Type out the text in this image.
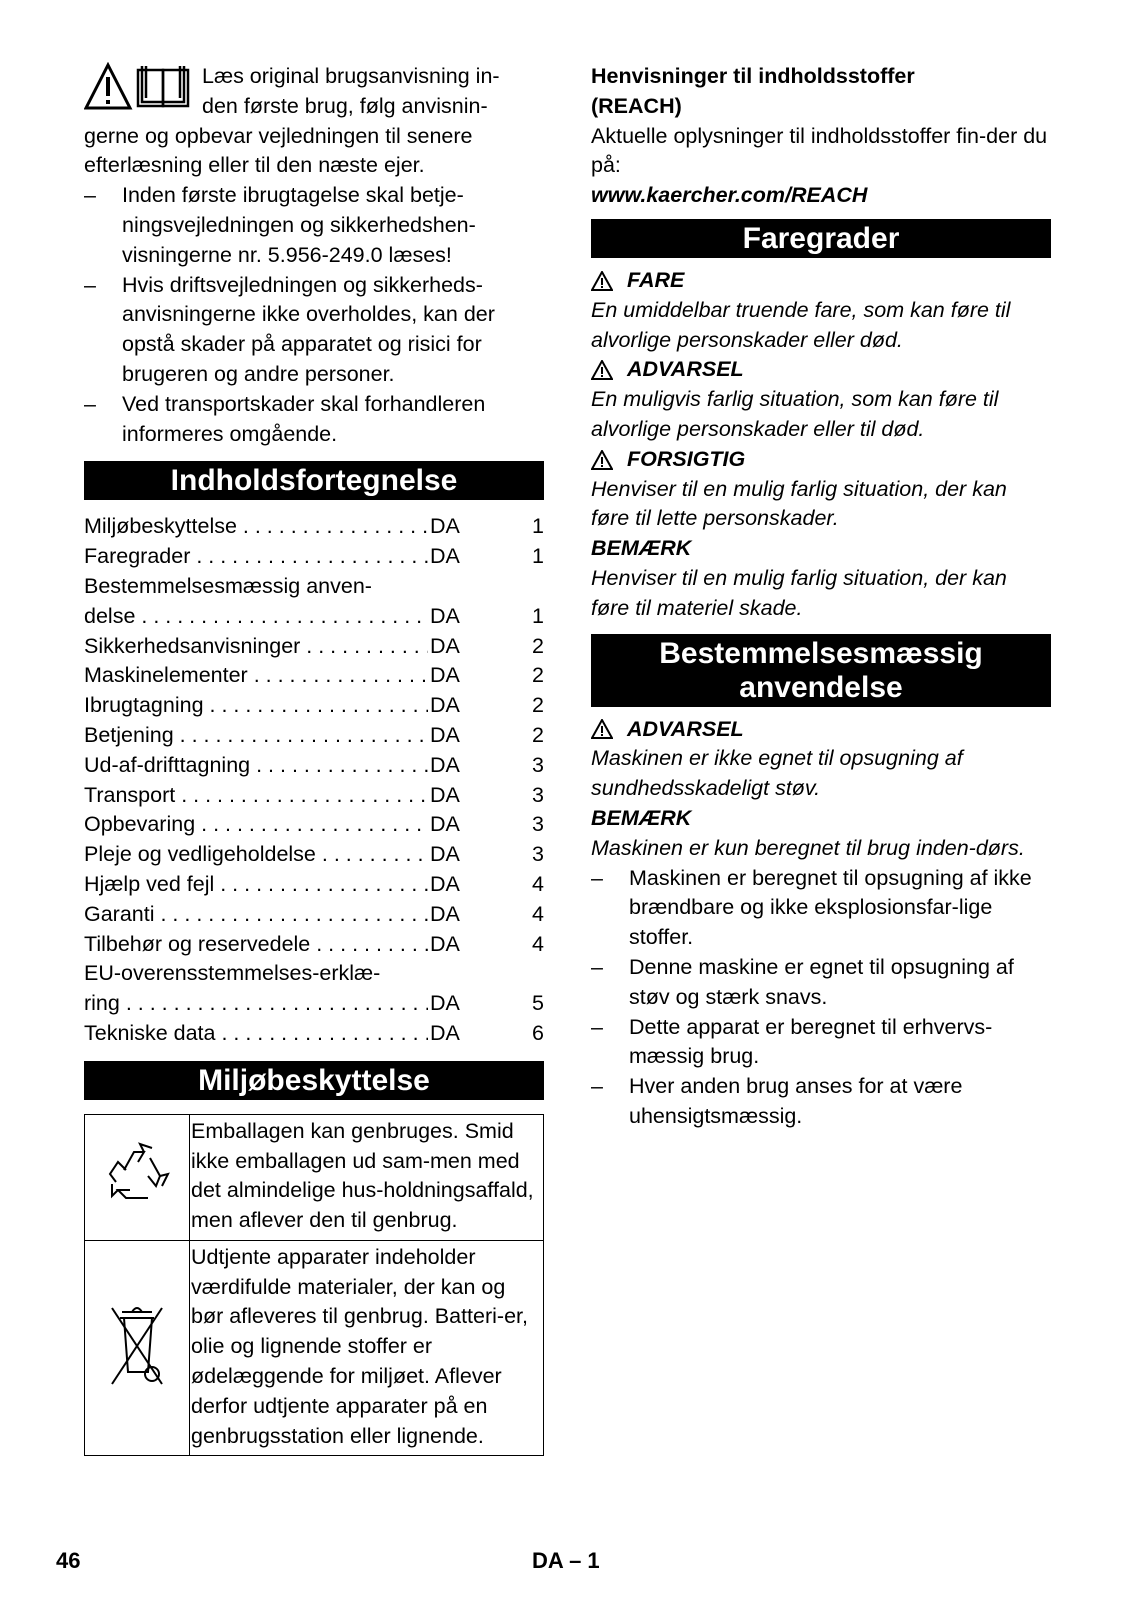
Læs original brugsanvisning in-

den første brug, følg anvisnin-

gerne og opbevar vejledningen til senere efterlæsning eller til den næste ejer.

–	Inden første ibrugtagelse skal betje-ningsvejledningen og sikkerhedshen-visningerne nr. 5.956-249.0 læses!
–	Hvis driftsvejledningen og sikkerheds-anvisningerne ikke overholdes, kan der opstå skader på apparatet og risici for brugeren og andre personer.
–	Ved transportskader skal forhandleren informeres omgående.
Indholdsfortegnelse
Miljøbeskyttelse . . .	DA	1
Faregrader . . .	DA	1
Bestemmelsesmæssig anven-
delse . . .	DA	1
Sikkerhedsanvisninger . . .	DA	2
Maskinelementer . . .	DA	2
Ibrugtagning . . .	DA	2
Betjening . . .	DA	2
Ud-af-drifttagning . . .	DA	3
Transport . . .	DA	3
Opbevaring . . .	DA	3
Pleje og vedligeholdelse . . .	DA	3
Hjælp ved fejl . . .	DA	4
Garanti . . .	DA	4
Tilbehør og reservedele . . .	DA	4
EU-overensstemmelses-erklæ-
ring . . .	DA	5
Tekniske data . . .	DA	6
Miljøbeskyttelse
	Emballagen kan genbruges. Smid ikke emballagen ud sam-men med det almindelige hus-holdningsaffald, men aflever den til genbrug.
	Udtjente apparater indeholder værdifulde materialer, der kan og bør afleveres til genbrug. Batteri-er, olie og lignende stoffer er ødelæggende for miljøet. Aflever derfor udtjente apparater på en genbrugsstation eller lignende.

Henvisninger til indholdsstoffer

(REACH)

Aktuelle oplysninger til indholdsstoffer fin-der du på:

www.kaercher.com/REACH

Faregrader
FARE

En umiddelbar truende fare, som kan føre til alvorlige personskader eller død.

ADVARSEL

En muligvis farlig situation, som kan føre til alvorlige personskader eller til død.

FORSIGTIG

Henviser til en mulig farlig situation, der kan føre til lette personskader.

BEMÆRK

Henviser til en mulig farlig situation, der kan føre til materiel skade.

Bestemmelsesmæssig
anvendelse
ADVARSEL

Maskinen er ikke egnet til opsugning af sundhedsskadeligt støv.

BEMÆRK

Maskinen er kun beregnet til brug inden-dørs.

–	Maskinen er beregnet til opsugning af ikke brændbare og ikke eksplosionsfar-lige stoffer.
–	Denne maskine er egnet til opsugning af støv og stærk snavs.
–	Dette apparat er beregnet til erhvervs-mæssig brug.
–	Hver anden brug anses for at være uhensigtsmæssig.
46	DA – 1
